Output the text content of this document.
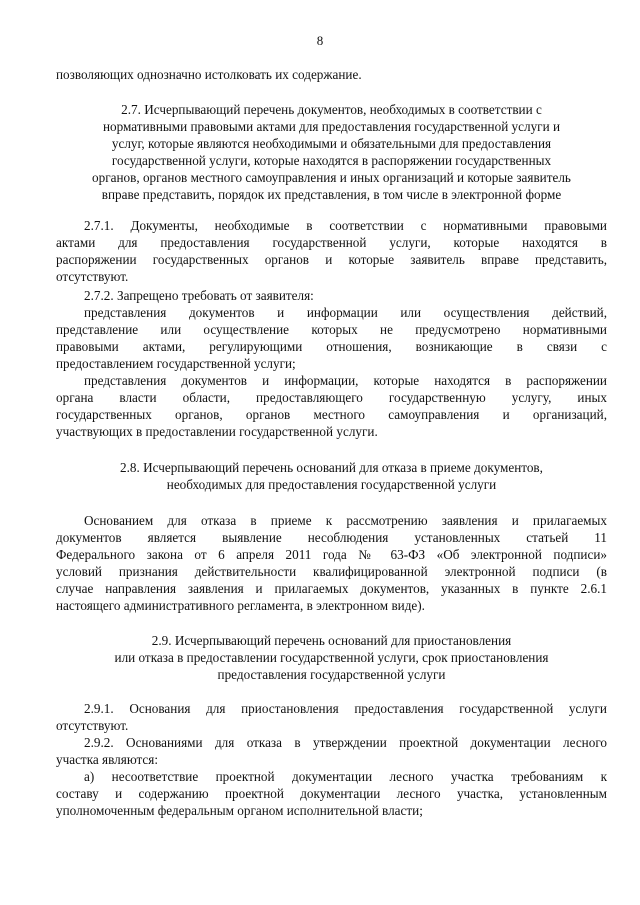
8

позволяющих однозначно истолковать их содержание.

2.7. Исчерпывающий перечень документов, необходимых в соответствии с
нормативными правовыми актами для предоставления государственной услуги и
услуг, которые являются необходимыми и обязательными для предоставления
государственной услуги, которые находятся в распоряжении государственных
органов, органов местного самоуправления и иных организаций и которые заявитель
вправе представить, порядок их представления, в том числе в электронной форме
2.7.1. Документы, необходимые в соответствии с нормативными правовыми
актами для предоставления государственной услуги, которые находятся в
распоряжении государственных органов и которые заявитель вправе представить,
отсутствуют.
2.7.2. Запрещено требовать от заявителя:
представления документов и информации или осуществления действий,
представление или осуществление которых не предусмотрено нормативными
правовыми актами, регулирующими отношения, возникающие в связи с
предоставлением государственной услуги;
представления документов и информации, которые находятся в распоряжении
органа власти области, предоставляющего государственную услугу, иных
государственных органов, органов местного самоуправления и организаций,
участвующих в предоставлении государственной услуги.
2.8. Исчерпывающий перечень оснований для отказа в приеме документов,
необходимых для предоставления государственной услуги
Основанием для отказа в приеме к рассмотрению заявления и прилагаемых
документов является выявление несоблюдения установленных статьей 11
Федерального закона от 6 апреля 2011 года № 63-ФЗ «Об электронной подписи»
условий признания действительности квалифицированной электронной подписи (в
случае направления заявления и прилагаемых документов, указанных в пункте 2.6.1
настоящего административного регламента, в электронном виде).
2.9. Исчерпывающий перечень оснований для приостановления
или отказа в предоставлении государственной услуги, срок приостановления
предоставления государственной услуги
2.9.1. Основания для приостановления предоставления государственной услуги
отсутствуют.
2.9.2. Основаниями для отказа в утверждении проектной документации лесного
участка являются:
а) несоответствие проектной документации лесного участка требованиям к
составу и содержанию проектной документации лесного участка, установленным
уполномоченным федеральным органом исполнительной власти;
